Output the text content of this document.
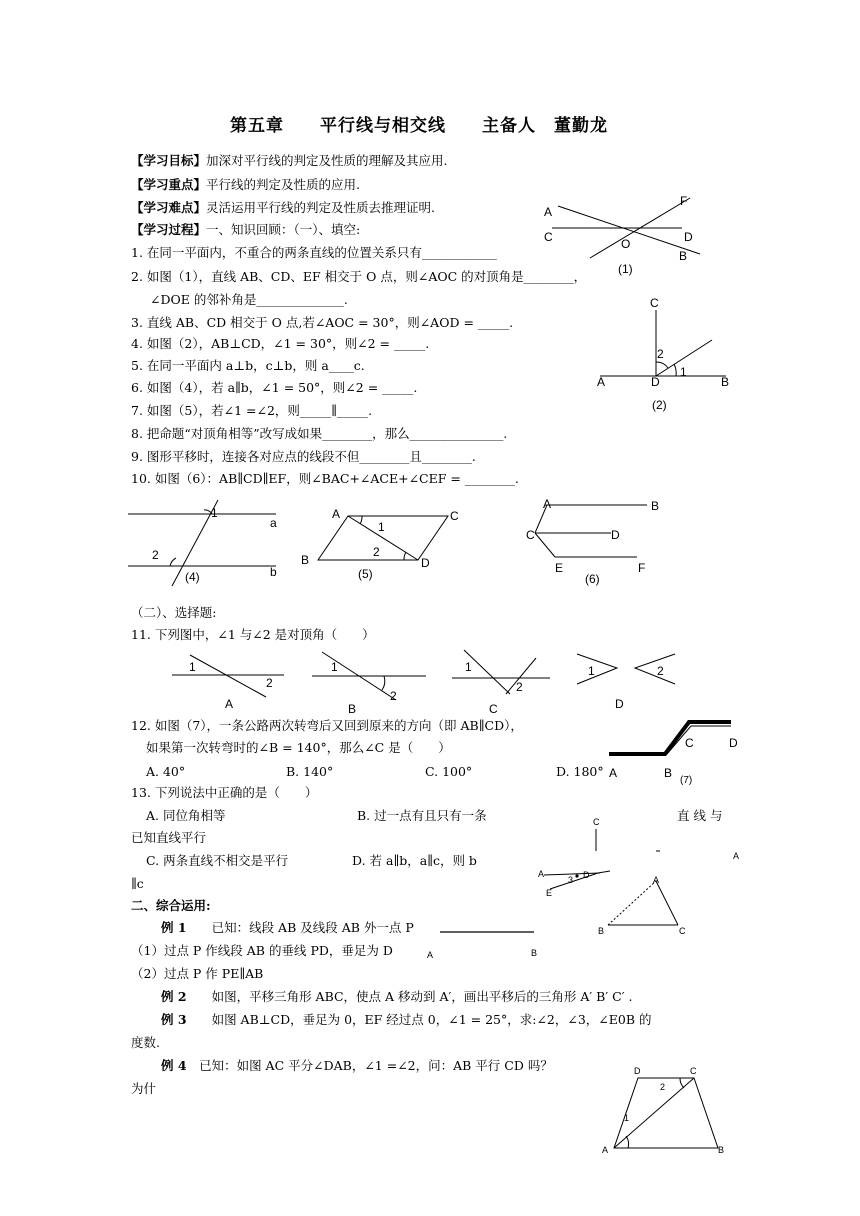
第五章　　平行线与相交线　　主备人　董勤龙
【学习目标】加深对平行线的判定及性质的理解及其应用.
【学习重点】平行线的判定及性质的应用.
【学习难点】灵活运用平行线的判定及性质去推理证明.
【学习过程】一、知识回顾：（一）、填空:
1. 在同一平面内，不重合的两条直线的位置关系只有____________
2. 如图（1），直线 AB、CD、EF 相交于 O 点，则∠AOC 的对顶角是________，
∠DOE 的邻补角是______________.
3. 直线 AB、CD 相交于 O 点,若∠AOC = 30°，则∠AOD = _____.
4. 如图（2），AB⊥CD，∠1 = 30°，则∠2 = _____.
5. 在同一平面内 a⊥b，c⊥b，则 a____c.
6. 如图（4），若 a∥b，∠1 = 50°，则∠2 = _____.
7. 如图（5），若∠1 =∠2，则_____∥_____.
8. 把命题“对顶角相等”改写成如果________，那么_______________.
9. 图形平移时，连接各对应点的线段不但________且________.
10. 如图（6）：AB∥CD∥EF，则∠BAC+∠ACE+∠CEF = ________.
A
C	O
F
D
B
(1)
C
2
1
A	D	B
(2)
1
a
2
b
(4)
A	C
1
2
B	D
(5)
A	B
C	D
E	F
(6)
（二）、选择题:
11. 下列图中，∠1 与∠2 是对顶角（　　）
1
2
A
1
2
B
1
2
C
1	2
D
12. 如图（7），一条公路两次转弯后又回到原来的方向（即 AB∥CD），
如果第一次转弯时的∠B = 140°，那么∠C 是（　　）
A. 40°	B. 140°	C. 100°	D. 180°
C	D
A	B
(7)
13. 下列说法中正确的是（　　）
A. 同位角相等	B. 过一点有且只有一条	直 线 与
已知直线平行
C. 两条直线不相交是平行	D. 若 a∥b，a∥c，则 b
∥c
C
A
A
3 D
E
A
B	C
二、综合运用:
例 1　　 已知：线段 AB 及线段 AB 外一点 P
（1）过点 P 作线段 AB 的垂线 PD，垂足为 D	A	B
（2）过点 P 作 PE∥AB
例 2　　 如图，平移三角形 ABC，使点 A 移动到 A′，画出平移后的三角形 A′ B′ C′ .
例 3　　 如图 AB⊥CD，垂足为 0，EF 经过点 0，∠1 = 25°，求:∠2，∠3，∠E0B 的
度数.
例 4　 已知：如图 AC 平分∠DAB，∠1 =∠2，问：AB 平行 CD 吗？
为什
D	C
2
1
A	B
